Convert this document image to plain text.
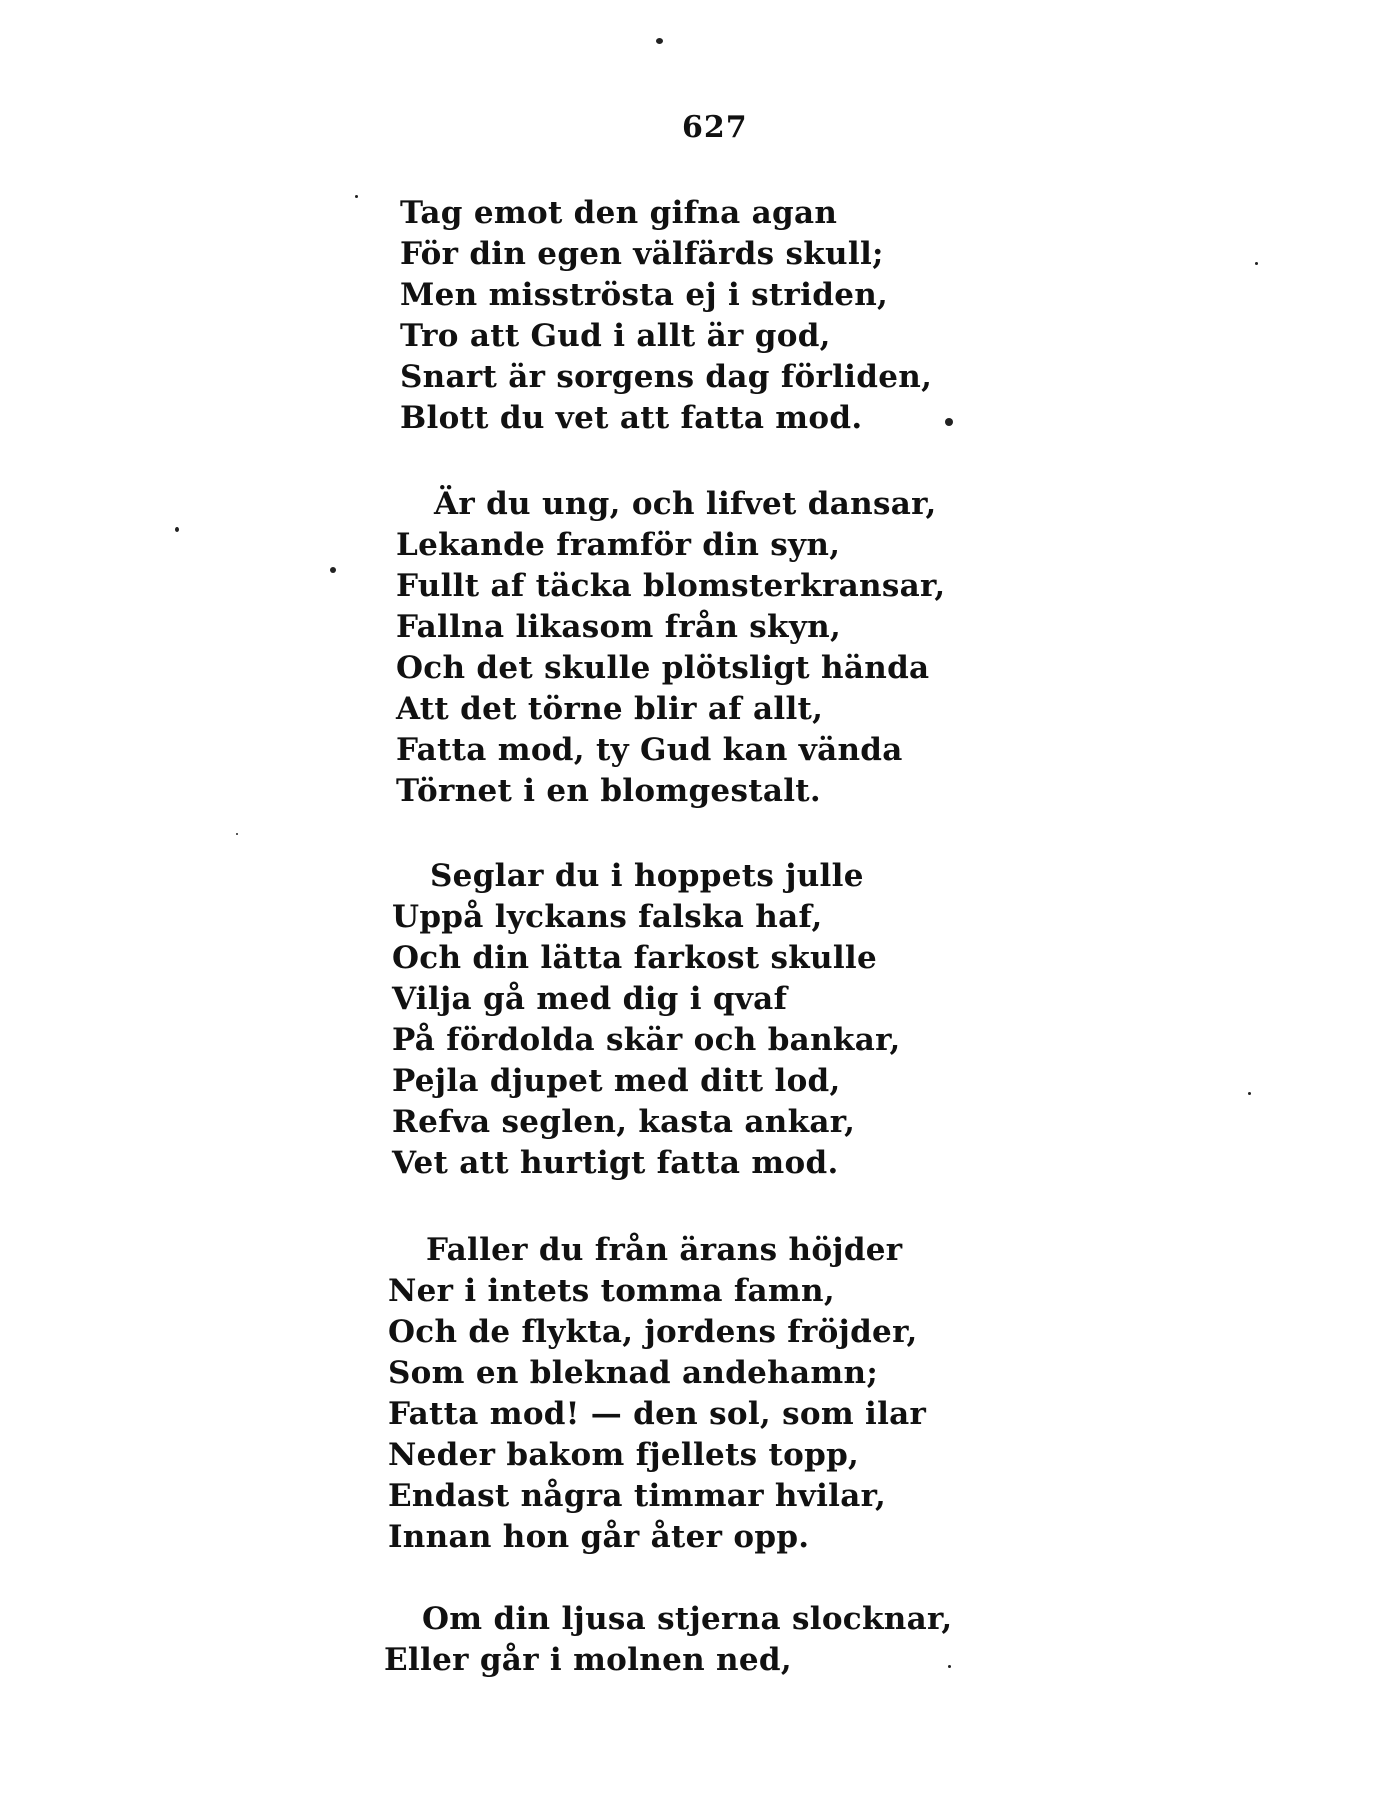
627
Tag emot den gifna agan
För din egen välfärds skull;
Men misströsta ej i striden,
Tro att Gud i allt är god,
Snart är sorgens dag förliden,
Blott du vet att fatta mod.
Är du ung, och lifvet dansar,
Lekande framför din syn,
Fullt af täcka blomsterkransar,
Fallna likasom från skyn,
Och det skulle plötsligt hända
Att det törne blir af allt,
Fatta mod, ty Gud kan vända
Törnet i en blomgestalt.
Seglar du i hoppets julle
Uppå lyckans falska haf,
Och din lätta farkost skulle
Vilja gå med dig i qvaf
På fördolda skär och bankar,
Pejla djupet med ditt lod,
Refva seglen, kasta ankar,
Vet att hurtigt fatta mod.
Faller du från ärans höjder
Ner i intets tomma famn,
Och de flykta, jordens fröjder,
Som en bleknad andehamn;
Fatta mod! — den sol, som ilar
Neder bakom fjellets topp,
Endast några timmar hvilar,
Innan hon går åter opp.
Om din ljusa stjerna slocknar,
Eller går i molnen ned,
